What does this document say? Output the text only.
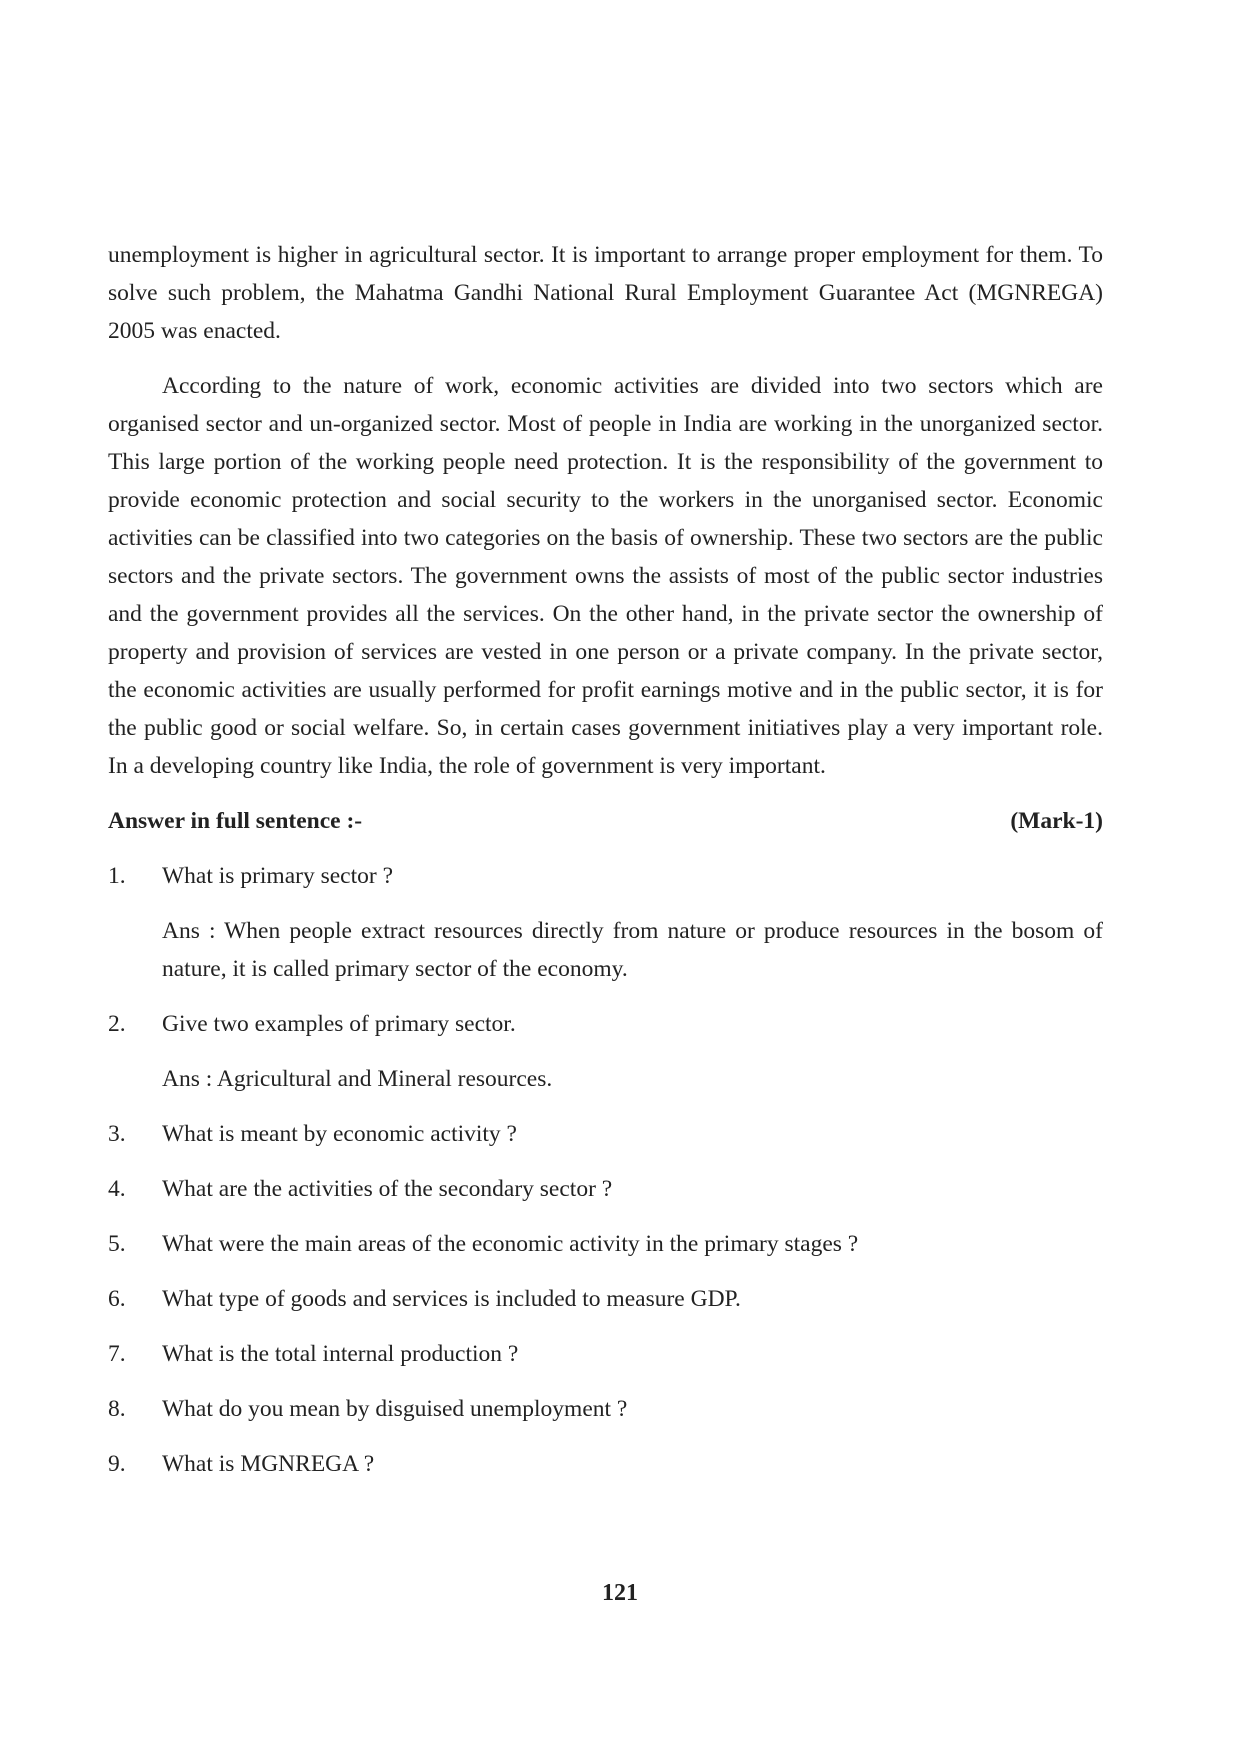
unemployment is higher in agricultural sector. It is important to arrange proper employment for them. To solve such problem, the Mahatma Gandhi National Rural Employment Guarantee Act (MGNREGA) 2005 was enacted.

According to the nature of work, economic activities are divided into two sectors which are organised sector and un-organized sector. Most of people in India are working in the unorganized sector. This large portion of the working people need protection. It is the responsibility of the government to provide economic protection and social security to the workers in the unorganised sector. Economic activities can be classified into two categories on the basis of ownership. These two sectors are the public sectors and the private sectors. The government owns the assists of most of the public sector industries and the government provides all the services. On the other hand, in the private sector the ownership of property and provision of services are vested in one person or a private company. In the private sector, the economic activities are usually performed for profit earnings motive and in the public sector, it is for the public good or social welfare. So, in certain cases government initiatives play a very important role. In a developing country like India, the role of government is very important.

Answer in full sentence :-	(Mark-1)
1.	What is primary sector ?

Ans : When people extract resources directly from nature or produce resources in the bosom of nature, it is called primary sector of the economy.

2.	Give two examples of primary sector.

Ans : Agricultural and Mineral resources.

3.	What is meant by economic activity ?
4.	What are the activities of the secondary sector ?
5.	What were the main areas of the economic activity in the primary stages ?
6.	What type of goods and services is included to measure GDP.
7.	What is the total internal production ?
8.	What do you mean by disguised unemployment ?
9.	What is MGNREGA ?
121
